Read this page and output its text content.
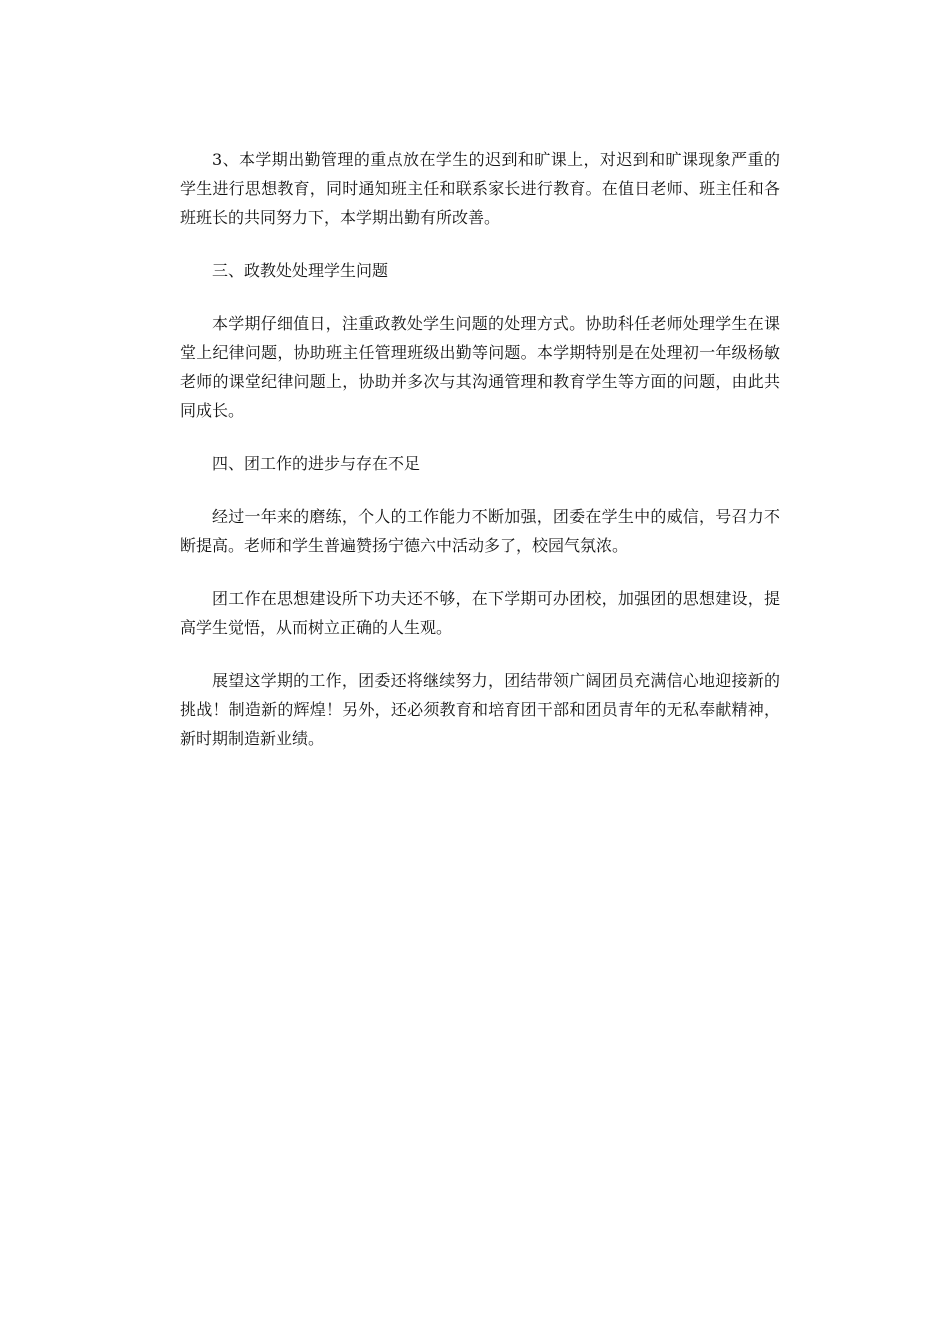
3、本学期出勤管理的重点放在学生的迟到和旷课上，对迟到和旷课现象严重的学生进行思想教育，同时通知班主任和联系家长进行教育。在值日老师、班主任和各班班长的共同努力下，本学期出勤有所改善。

三、政教处处理学生问题

本学期仔细值日，注重政教处学生问题的处理方式。协助科任老师处理学生在课堂上纪律问题，协助班主任管理班级出勤等问题。本学期特别是在处理初一年级杨敏老师的课堂纪律问题上，协助并多次与其沟通管理和教育学生等方面的问题，由此共同成长。

四、团工作的进步与存在不足

经过一年来的磨练，个人的工作能力不断加强，团委在学生中的威信，号召力不断提高。老师和学生普遍赞扬宁德六中活动多了，校园气氛浓。

团工作在思想建设所下功夫还不够，在下学期可办团校，加强团的思想建设，提高学生觉悟，从而树立正确的人生观。

展望这学期的工作，团委还将继续努力，团结带领广阔团员充满信心地迎接新的挑战！制造新的辉煌！另外，还必须教育和培育团干部和团员青年的无私奉献精神，新时期制造新业绩。
